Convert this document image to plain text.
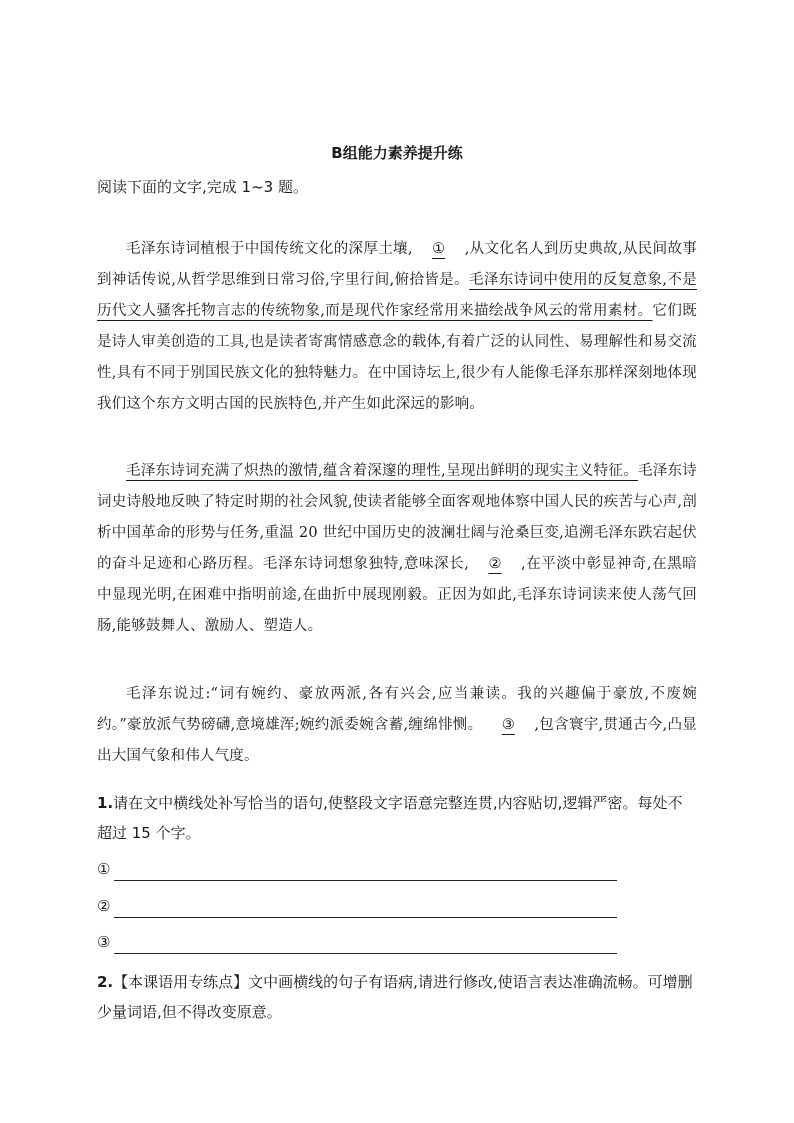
B组能力素养提升练
阅读下面的文字,完成 1~3 题。
毛泽东诗词植根于中国传统文化的深厚土壤, ① ,从文化名人到历史典故,从民间故事到神话传说,从哲学思维到日常习俗,字里行间,俯拾皆是。毛泽东诗词中使用的反复意象,不是历代文人骚客托物言志的传统物象,而是现代作家经常用来描绘战争风云的常用素材。它们既是诗人审美创造的工具,也是读者寄寓情感意念的载体,有着广泛的认同性、易理解性和易交流性,具有不同于别国民族文化的独特魅力。在中国诗坛上,很少有人能像毛泽东那样深刻地体现我们这个东方文明古国的民族特色,并产生如此深远的影响。
毛泽东诗词充满了炽热的激情,蕴含着深邃的理性,呈现出鲜明的现实主义特征。毛泽东诗词史诗般地反映了特定时期的社会风貌,使读者能够全面客观地体察中国人民的疾苦与心声,剖析中国革命的形势与任务,重温 20 世纪中国历史的波澜壮阔与沧桑巨变,追溯毛泽东跌宕起伏的奋斗足迹和心路历程。毛泽东诗词想象独特,意味深长, ② ,在平淡中彰显神奇,在黑暗中显现光明,在困难中指明前途,在曲折中展现刚毅。正因为如此,毛泽东诗词读来使人荡气回肠,能够鼓舞人、激励人、塑造人。
毛泽东说过:“词有婉约、豪放两派,各有兴会,应当兼读。我的兴趣偏于豪放,不废婉约。”豪放派气势磅礴,意境雄浑;婉约派委婉含蓄,缠绵悱恻。 ③ ,包含寰宇,贯通古今,凸显出大国气象和伟人气度。
1.请在文中横线处补写恰当的语句,使整段文字语意完整连贯,内容贴切,逻辑严密。每处不超过 15 个字。
①
②
③
2.【本课语用专练点】文中画横线的句子有语病,请进行修改,使语言表达准确流畅。可增删少量词语,但不得改变原意。
